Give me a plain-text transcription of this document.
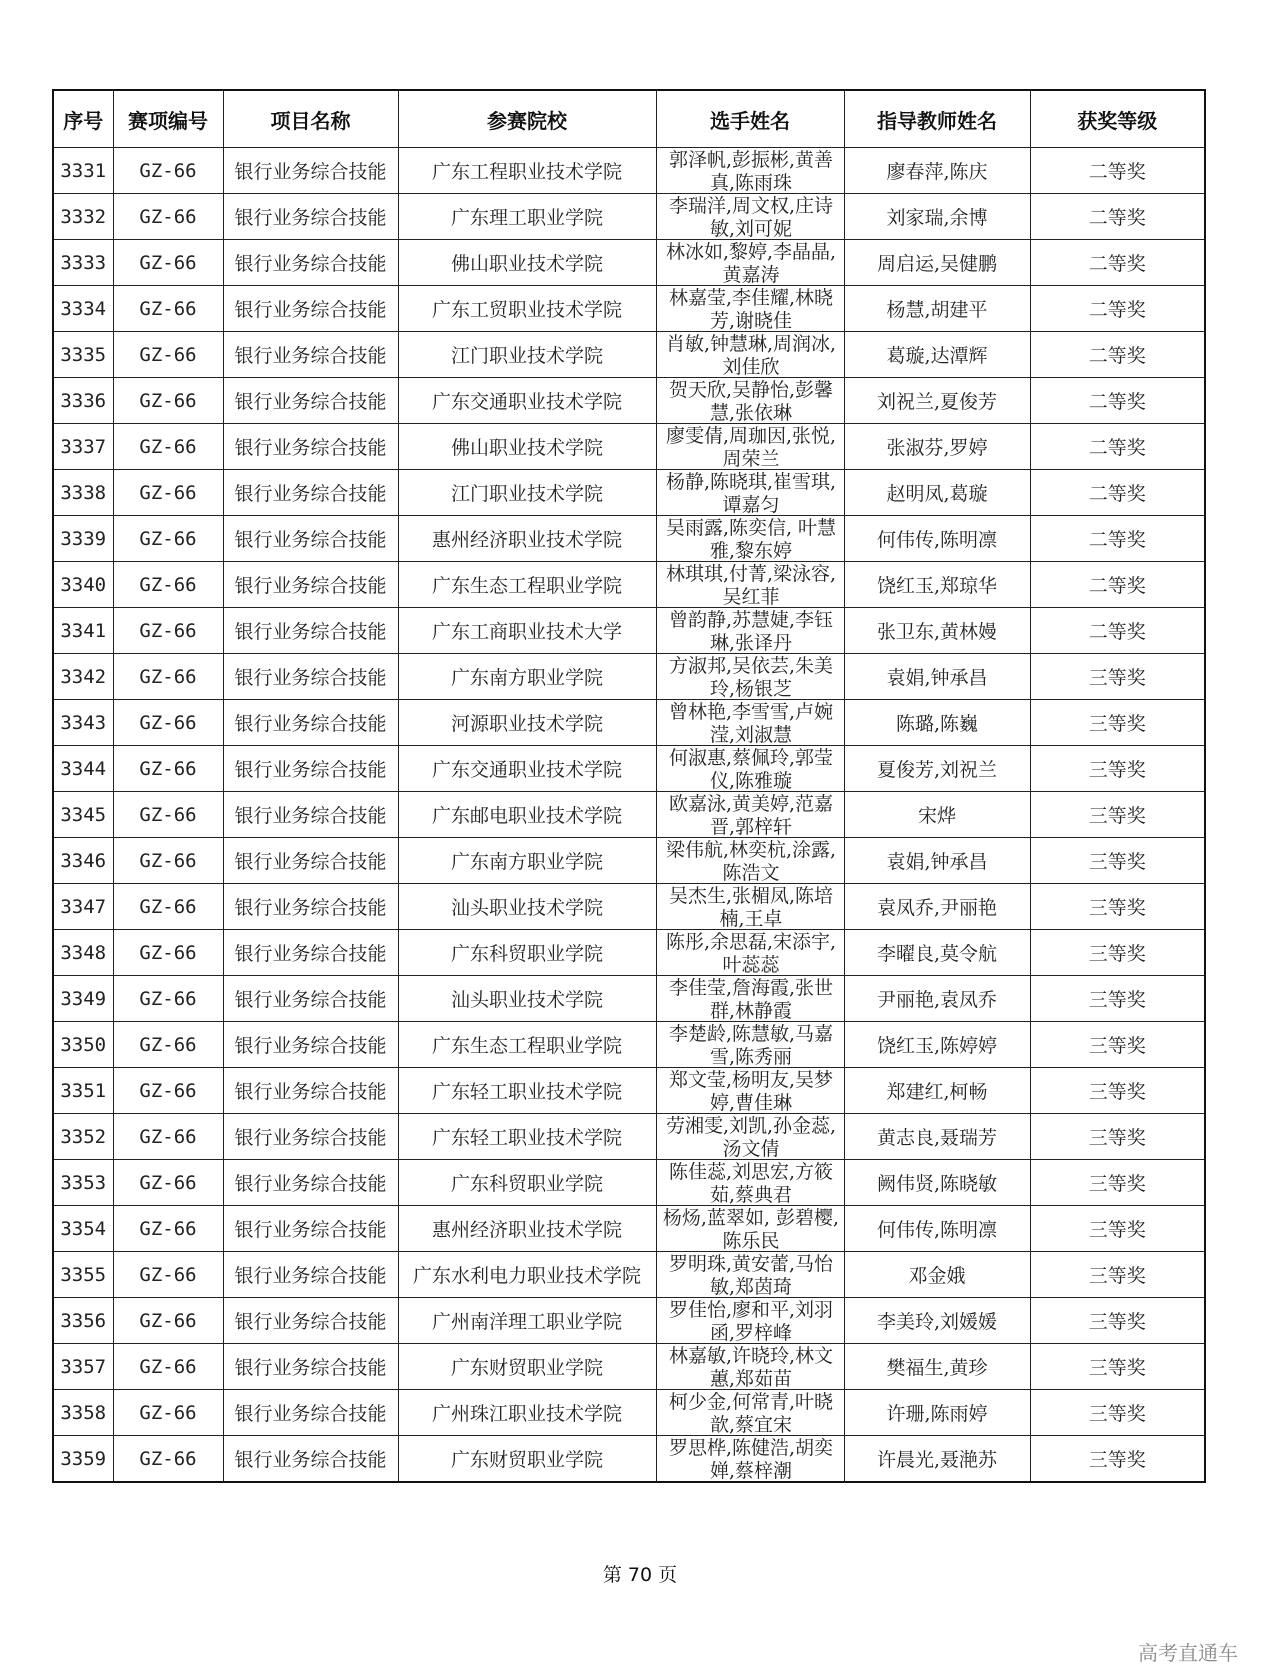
序号	赛项编号	项目名称	参赛院校	选手姓名	指导教师姓名	获奖等级
3331	GZ-66	银行业务综合技能	广东工程职业技术学院	郭泽帆,彭振彬,黄善真,陈雨珠	廖春萍,陈庆	二等奖
3332	GZ-66	银行业务综合技能	广东理工职业学院	李瑞洋,周文权,庄诗敏,刘可妮	刘家瑞,余博	二等奖
3333	GZ-66	银行业务综合技能	佛山职业技术学院	林冰如,黎婷,李晶晶,黄嘉涛	周启运,吴健鹏	二等奖
3334	GZ-66	银行业务综合技能	广东工贸职业技术学院	林嘉莹,李佳耀,林晓芳,谢晓佳	杨慧,胡建平	二等奖
3335	GZ-66	银行业务综合技能	江门职业技术学院	肖敏,钟慧琳,周润冰,刘佳欣	葛璇,达潭辉	二等奖
3336	GZ-66	银行业务综合技能	广东交通职业技术学院	贺天欣,吴静怡,彭馨慧,张依琳	刘祝兰,夏俊芳	二等奖
3337	GZ-66	银行业务综合技能	佛山职业技术学院	廖雯倩,周珈因,张悦,周荣兰	张淑芬,罗婷	二等奖
3338	GZ-66	银行业务综合技能	江门职业技术学院	杨静,陈晓琪,崔雪琪,谭嘉匀	赵明凤,葛璇	二等奖
3339	GZ-66	银行业务综合技能	惠州经济职业技术学院	吴雨露,陈奕信, 叶慧雅,黎东婷	何伟传,陈明凛	二等奖
3340	GZ-66	银行业务综合技能	广东生态工程职业学院	林琪琪,付菁,梁泳容,吴红菲	饶红玉,郑琼华	二等奖
3341	GZ-66	银行业务综合技能	广东工商职业技术大学	曾韵静,苏慧婕,李钰琳,张译丹	张卫东,黄林嫚	二等奖
3342	GZ-66	银行业务综合技能	广东南方职业学院	方淑邦,吴依芸,朱美玲,杨银芝	袁娟,钟承昌	三等奖
3343	GZ-66	银行业务综合技能	河源职业技术学院	曾林艳,李雪雪,卢婉滢,刘淑慧	陈璐,陈巍	三等奖
3344	GZ-66	银行业务综合技能	广东交通职业技术学院	何淑惠,蔡佩玲,郭莹仪,陈雅璇	夏俊芳,刘祝兰	三等奖
3345	GZ-66	银行业务综合技能	广东邮电职业技术学院	欧嘉泳,黄美婷,范嘉晋,郭梓轩	宋烨	三等奖
3346	GZ-66	银行业务综合技能	广东南方职业学院	梁伟航,林奕杭,涂露,陈浩文	袁娟,钟承昌	三等奖
3347	GZ-66	银行业务综合技能	汕头职业技术学院	吴杰生,张楣凤,陈培楠,王卓	袁凤乔,尹丽艳	三等奖
3348	GZ-66	银行业务综合技能	广东科贸职业学院	陈彤,余思磊,宋添宇,叶蕊蕊	李曜良,莫令航	三等奖
3349	GZ-66	银行业务综合技能	汕头职业技术学院	李佳莹,詹海霞,张世群,林静霞	尹丽艳,袁凤乔	三等奖
3350	GZ-66	银行业务综合技能	广东生态工程职业学院	李楚龄,陈慧敏,马嘉雪,陈秀丽	饶红玉,陈婷婷	三等奖
3351	GZ-66	银行业务综合技能	广东轻工职业技术学院	郑文莹,杨明友,吴梦婷,曹佳琳	郑建红,柯畅	三等奖
3352	GZ-66	银行业务综合技能	广东轻工职业技术学院	劳湘雯,刘凯,孙金蕊,汤文倩	黄志良,聂瑞芳	三等奖
3353	GZ-66	银行业务综合技能	广东科贸职业学院	陈佳蕊,刘思宏,方筱茹,蔡典君	阙伟贤,陈晓敏	三等奖
3354	GZ-66	银行业务综合技能	惠州经济职业技术学院	杨炀,蓝翠如, 彭碧樱,陈乐民	何伟传,陈明凛	三等奖
3355	GZ-66	银行业务综合技能	广东水利电力职业技术学院	罗明珠,黄安蕾,马怡敏,郑茵琦	邓金娥	三等奖
3356	GZ-66	银行业务综合技能	广州南洋理工职业学院	罗佳怡,廖和平,刘羽函,罗梓峰	李美玲,刘媛媛	三等奖
3357	GZ-66	银行业务综合技能	广东财贸职业学院	林嘉敏,许晓玲,林文蕙,郑茹苗	樊福生,黄珍	三等奖
3358	GZ-66	银行业务综合技能	广州珠江职业技术学院	柯少金,何常青,叶晓歆,蔡宜宋	许珊,陈雨婷	三等奖
3359	GZ-66	银行业务综合技能	广东财贸职业学院	罗思桦,陈健浩,胡奕婵,蔡梓潮	许晨光,聂滟苏	三等奖
第 70 页
高考直通车
